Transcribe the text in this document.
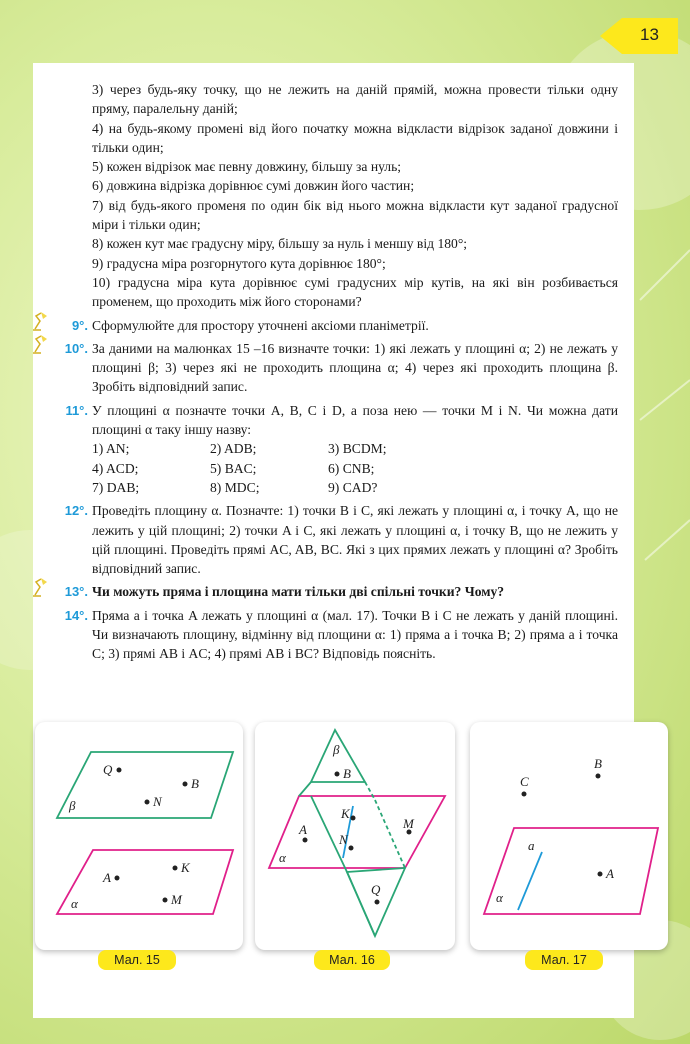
13
3) через будь-яку точку, що не лежить на даній прямій, можна провести тільки одну пряму, паралельну даній;
4) на будь-якому промені від його початку можна відкласти відрізок заданої довжини і тільки один;
5) кожен відрізок має певну довжину, більшу за нуль;
6) довжина відрізка дорівнює сумі довжин його частин;
7) від будь-якого променя по один бік від нього можна відкласти кут заданої градусної міри і тільки один;
8) кожен кут має градусну міру, більшу за нуль і меншу від 180°;
9) градусна міра розгорнутого кута дорівнює 180°;
10) градусна міра кута дорівнює сумі градусних мір кутів, на які він розбивається променем, що проходить між його сторонами?
9°. Сформулюйте для простору уточнені аксіоми планіметрії.
10°. За даними на малюнках 15 –16 визначте точки: 1) які лежать у площині α; 2) не лежать у площині β; 3) через які не проходить площина α; 4) через які проходить площина β. Зробіть відповідний запис.
11°. У площині α позначте точки A, B, C і D, а поза нею — точки M і N. Чи можна дати площині α таку іншу назву:
1) AN;	2) ADB;	3) BCDM;
4) ACD;	5) BAC;	6) CNB;
7) DAB;	8) MDC;	9) CAD?
12°. Проведіть площину α. Позначте: 1) точки B і C, які лежать у площині α, і точку A, що не лежить у цій площині; 2) точки A і C, які лежать у площині α, і точку B, що не лежить у цій площині. Проведіть прямі AC, AB, BC. Які з цих прямих лежать у площині α? Зробіть відповідний запис.
13°. Чи можуть пряма і площина мати тільки дві спільні точки? Чому?
14°. Пряма a і точка A лежать у площині α (мал. 17). Точки B і C не лежать у даній площині. Чи визначають площину, відмінну від площини α: 1) пряма a і точка B; 2) пряма a і точка C; 3) прямі AB і AC; 4) прямі AB і BC? Відповідь поясніть.
β
Q
B
N
α
A
K
M
Мал. 15
β
α
B
K
A
N
M
Q
Мал. 16
a
α
C
B
A
Мал. 17
